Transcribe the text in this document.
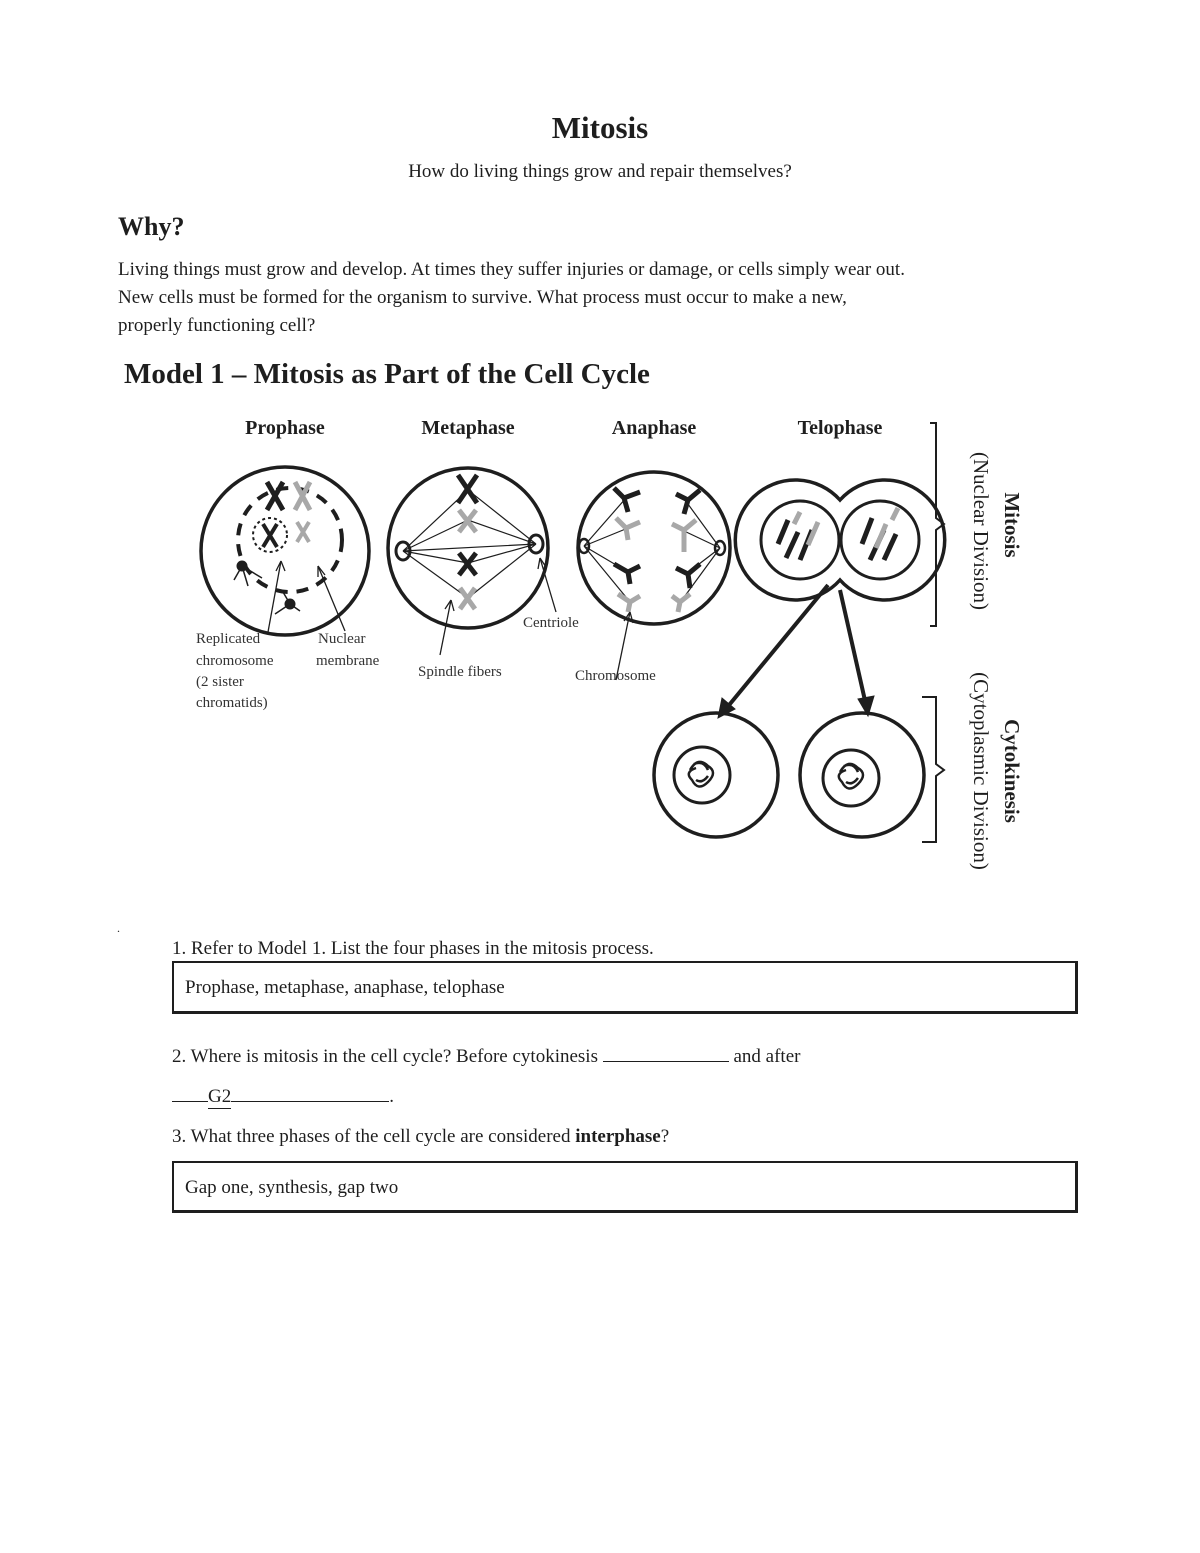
Mitosis
How do living things grow and repair themselves?
Why?

Living things must grow and develop. At times they suffer injuries or damage, or cells simply wear out.
New cells must be formed for the organism to survive. What process must occur to make a new,
properly functioning cell?

Model 1 – Mitosis as Part of the Cell Cycle
Prophase	Metaphase	Anaphase	Telophase
Mitosis
(Nuclear Division)
Cytokinesis
(Cytoplasmic Division)
Replicated
chromosome
(2 sister
chromatids)
Nuclear
membrane
Spindle fibers
Centriole
Chromosome
.
1. Refer to Model 1. List the four phases in the mitosis process.
Prophase, metaphase, anaphase, telophase
2. Where is mitosis in the cell cycle? Before cytokinesis	and after
G2	.
3. What three phases of the cell cycle are considered interphase?
Gap one, synthesis, gap two
